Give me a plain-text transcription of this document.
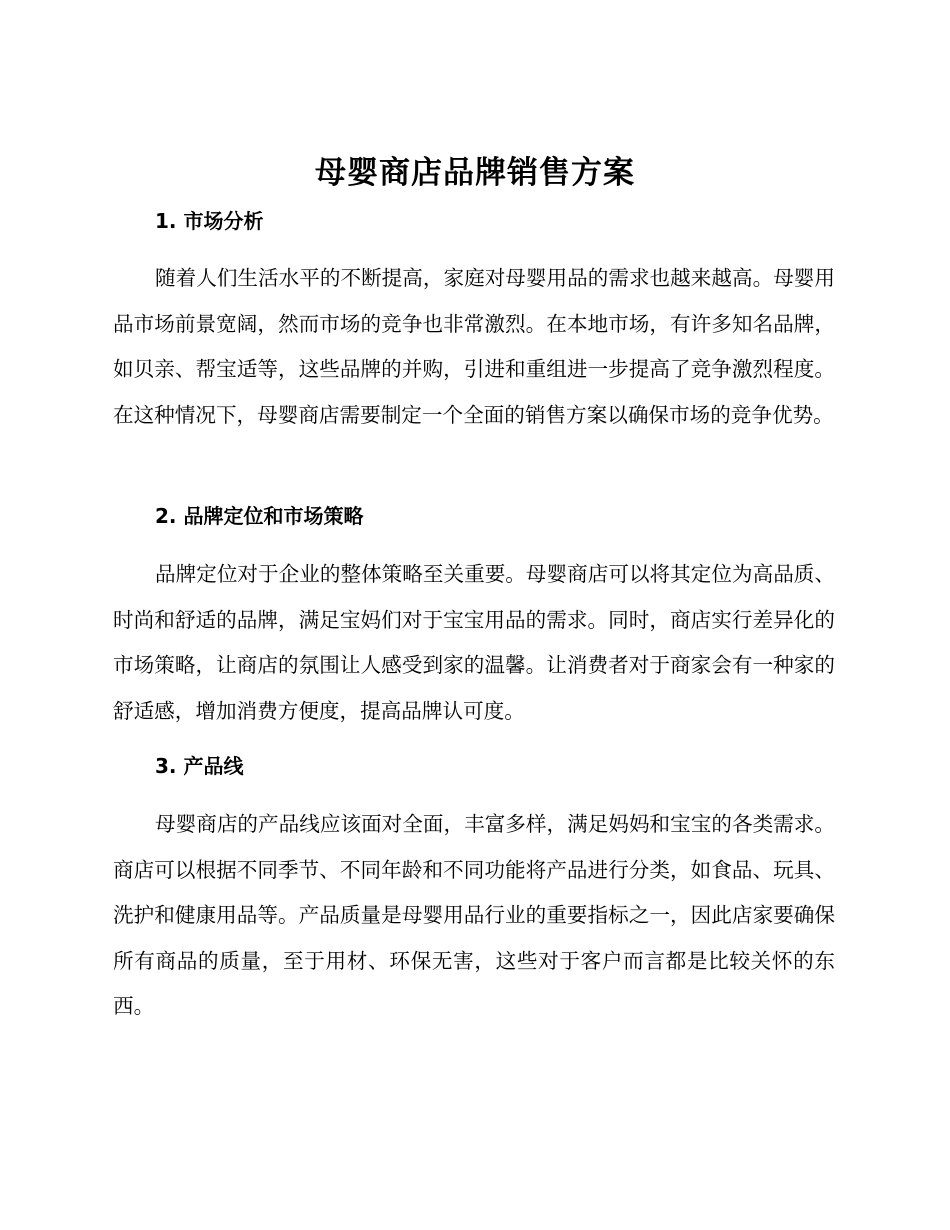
母婴商店品牌销售方案
1. 市场分析

随着人们生活水平的不断提高，家庭对母婴用品的需求也越来越高。母婴用品市场前景宽阔，然而市场的竞争也非常激烈。在本地市场，有许多知名品牌，如贝亲、帮宝适等，这些品牌的并购，引进和重组进一步提高了竞争激烈程度。在这种情况下，母婴商店需要制定一个全面的销售方案以确保市场的竞争优势。

2. 品牌定位和市场策略

品牌定位对于企业的整体策略至关重要。母婴商店可以将其定位为高品质、时尚和舒适的品牌，满足宝妈们对于宝宝用品的需求。同时，商店实行差异化的市场策略，让商店的氛围让人感受到家的温馨。让消费者对于商家会有一种家的舒适感，增加消费方便度，提高品牌认可度。

3. 产品线

母婴商店的产品线应该面对全面，丰富多样，满足妈妈和宝宝的各类需求。商店可以根据不同季节、不同年龄和不同功能将产品进行分类，如食品、玩具、洗护和健康用品等。产品质量是母婴用品行业的重要指标之一，因此店家要确保所有商品的质量，至于用材、环保无害，这些对于客户而言都是比较关怀的东西。
